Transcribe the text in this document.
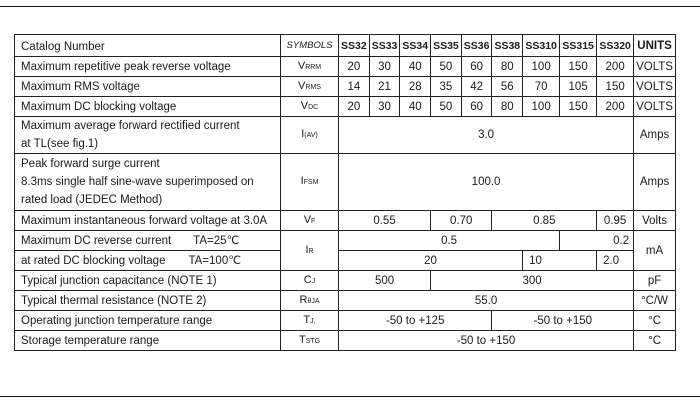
Catalog Number	SYMBOLS	SS32	SS33	SS34	SS35	SS36	SS38	SS310	SS315	SS320	UNITS
Maximum repetitive peak reverse voltage	VRRM	20	30	40	50	60	80	100	150	200	VOLTS
Maximum RMS voltage	VRMS	14	21	28	35	42	56	70	105	150	VOLTS
Maximum DC blocking voltage	VDC	20	30	40	50	60	80	100	150	200	VOLTS

Maximum average forward rectified current
at TL(see fig.1)	I(AV)	3.0									Amps

Peak forward surge current
8.3ms single half sine-wave superimposed on
rated load (JEDEC Method)	IFSM	100.0									Amps
Maximum instantaneous forward voltage at 3.0A	VF	0.55			0.70		0.85			0.95	Volts
Maximum DC reverse current TA=25℃	IR	0.5							0.2		mA
at rated DC blocking voltage TA=100℃		20						10		2.0	
Typical junction capacitance (NOTE 1)	CJ	500			300						pF
Typical thermal resistance (NOTE 2)	RθJA	55.0									°C/W
Operating junction temperature range	TJ,	-50 to +125					-50 to +150				°C
Storage temperature range	TSTG	-50 to +150									°C
